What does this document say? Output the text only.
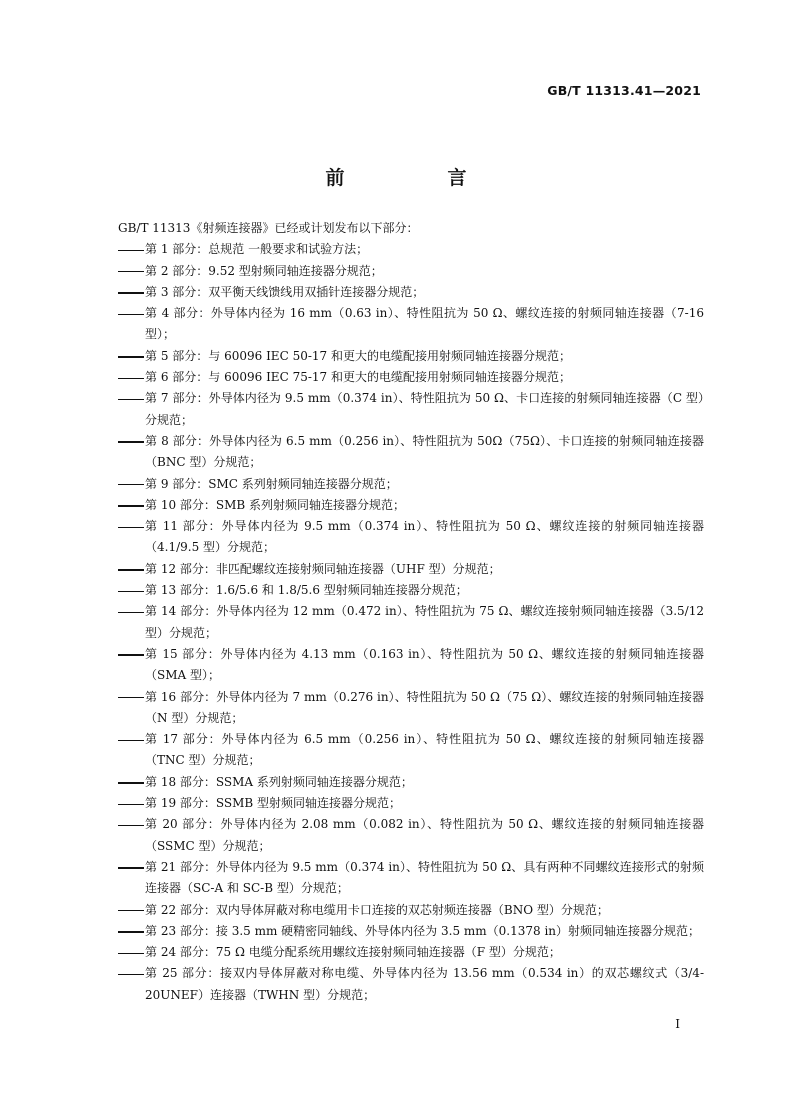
GB/T 11313.41—2021
前　言

GB/T 11313《射频连接器》已经或计划发布以下部分：

第 1 部分：总规范 一般要求和试验方法；
第 2 部分：9.52 型射频同轴连接器分规范；
第 3 部分：双平衡天线馈线用双插针连接器分规范；
第 4 部分：外导体内径为 16 mm（0.63 in）、特性阻抗为 50 Ω、螺纹连接的射频同轴连接器（7-16 型）；
第 5 部分：与 60096 IEC 50-17 和更大的电缆配接用射频同轴连接器分规范；
第 6 部分：与 60096 IEC 75-17 和更大的电缆配接用射频同轴连接器分规范；
第 7 部分：外导体内径为 9.5 mm（0.374 in）、特性阻抗为 50 Ω、卡口连接的射频同轴连接器（C 型）分规范；
第 8 部分：外导体内径为 6.5 mm（0.256 in）、特性阻抗为 50Ω（75Ω）、卡口连接的射频同轴连接器（BNC 型）分规范；
第 9 部分：SMC 系列射频同轴连接器分规范；
第 10 部分：SMB 系列射频同轴连接器分规范；
第 11 部分：外导体内径为 9.5 mm（0.374 in）、特性阻抗为 50 Ω、螺纹连接的射频同轴连接器（4.1/9.5 型）分规范；
第 12 部分：非匹配螺纹连接射频同轴连接器（UHF 型）分规范；
第 13 部分：1.6/5.6 和 1.8/5.6 型射频同轴连接器分规范；
第 14 部分：外导体内径为 12 mm（0.472 in）、特性阻抗为 75 Ω、螺纹连接射频同轴连接器（3.5/12 型）分规范；
第 15 部分：外导体内径为 4.13 mm（0.163 in）、特性阻抗为 50 Ω、螺纹连接的射频同轴连接器（SMA 型）；
第 16 部分：外导体内径为 7 mm（0.276 in）、特性阻抗为 50 Ω（75 Ω）、螺纹连接的射频同轴连接器（N 型）分规范；
第 17 部分：外导体内径为 6.5 mm（0.256 in）、特性阻抗为 50 Ω、螺纹连接的射频同轴连接器（TNC 型）分规范；
第 18 部分：SSMA 系列射频同轴连接器分规范；
第 19 部分：SSMB 型射频同轴连接器分规范；
第 20 部分：外导体内径为 2.08 mm（0.082 in）、特性阻抗为 50 Ω、螺纹连接的射频同轴连接器（SSMC 型）分规范；
第 21 部分：外导体内径为 9.5 mm（0.374 in）、特性阻抗为 50 Ω、具有两种不同螺纹连接形式的射频连接器（SC-A 和 SC-B 型）分规范；
第 22 部分：双内导体屏蔽对称电缆用卡口连接的双芯射频连接器（BNO 型）分规范；
第 23 部分：接 3.5 mm 硬精密同轴线、外导体内径为 3.5 mm（0.1378 in）射频同轴连接器分规范；
第 24 部分：75 Ω 电缆分配系统用螺纹连接射频同轴连接器（F 型）分规范；
第 25 部分：接双内导体屏蔽对称电缆、外导体内径为 13.56 mm（0.534 in）的双芯螺纹式（3/4-20UNEF）连接器（TWHN 型）分规范；
I
